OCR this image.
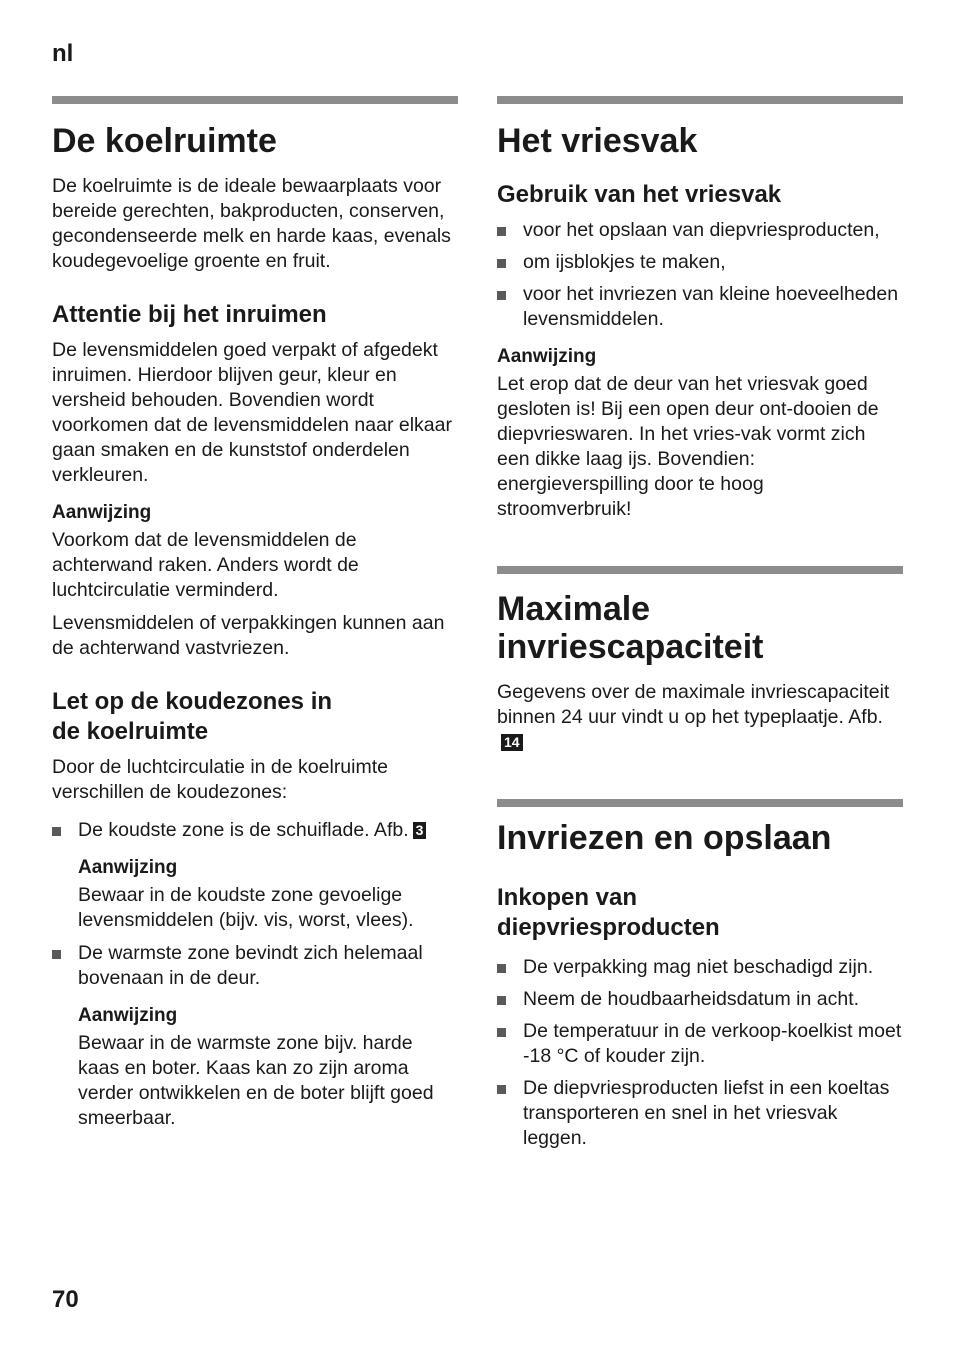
nl
De koelruimte

De koelruimte is de ideale bewaarplaats voor bereide gerechten, bakproducten, conserven, gecondenseerde melk en harde kaas, evenals koudegevoelige groente en fruit.

Attentie bij het inruimen

De levensmiddelen goed verpakt of afgedekt inruimen. Hierdoor blijven geur, kleur en versheid behouden. Bovendien wordt voorkomen dat de levensmiddelen naar elkaar gaan smaken en de kunststof onderdelen verkleuren.

Aanwijzing

Voorkom dat de levensmiddelen de achterwand raken. Anders wordt de luchtcirculatie verminderd.

Levensmiddelen of verpakkingen kunnen aan de achterwand vastvriezen.

Let op de koudezones in
de koelruimte

Door de luchtcirculatie in de koelruimte verschillen de koudezones:

De koudste zone is de schuiflade. Afb. 3
Aanwijzing

Bewaar in de koudste zone gevoelige levensmiddelen (bijv. vis, worst, vlees).

De warmste zone bevindt zich helemaal bovenaan in de deur.
Aanwijzing

Bewaar in de warmste zone bijv. harde kaas en boter. Kaas kan zo zijn aroma verder ontwikkelen en de boter blijft goed smeerbaar.

Het vriesvak
Gebruik van het vriesvak
voor het opslaan van diepvriesproducten,
om ijsblokjes te maken,
voor het invriezen van kleine hoeveelheden levensmiddelen.
Aanwijzing

Let erop dat de deur van het vriesvak goed gesloten is! Bij een open deur ont-dooien de diepvrieswaren. In het vries-vak vormt zich een dikke laag ijs. Bovendien: energieverspilling door te hoog stroomverbruik!

Maximale
invriescapaciteit

Gegevens over de maximale invriescapaciteit binnen 24 uur vindt u op het typeplaatje. Afb.14

Invriezen en opslaan
Inkopen van
diepvriesproducten
De verpakking mag niet beschadigd zijn.
Neem de houdbaarheidsdatum in acht.
De temperatuur in de verkoop-koelkist moet -18 °C of kouder zijn.
De diepvriesproducten liefst in een koeltas transporteren en snel in het vriesvak leggen.
70
